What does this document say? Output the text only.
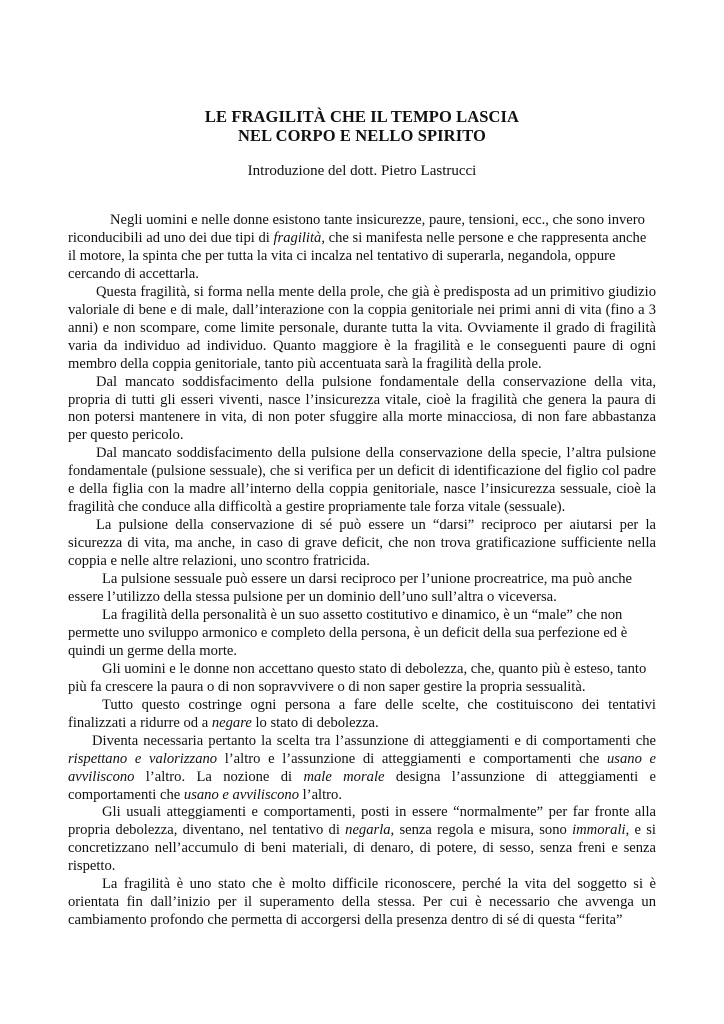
LE FRAGILITÀ CHE IL TEMPO LASCIA
NEL CORPO E NELLO SPIRITO
Introduzione del dott. Pietro Lastrucci

Negli uomini e nelle donne esistono tante insicurezze, paure, tensioni, ecc., che sono invero riconducibili ad uno dei due tipi di fragilità, che si manifesta nelle persone e che rappresenta anche il motore, la spinta che per tutta la vita ci incalza nel tentativo di superarla, negandola, oppure cercando di accettarla.

Questa fragilità, si forma nella mente della prole, che già è predisposta ad un primitivo giudizio valoriale di bene e di male, dall’interazione con la coppia genitoriale nei primi anni di vita (fino a 3 anni) e non scompare, come limite personale, durante tutta la vita. Ovviamente il grado di fragilità varia da individuo ad individuo. Quanto maggiore è la fragilità e le conseguenti paure di ogni membro della coppia genitoriale, tanto più accentuata sarà la fragilità della prole.

Dal mancato soddisfacimento della pulsione fondamentale della conservazione della vita, propria di tutti gli esseri viventi, nasce l’insicurezza vitale, cioè la fragilità che genera la paura di non potersi mantenere in vita, di non poter sfuggire alla morte minacciosa, di non fare abbastanza per questo pericolo.

Dal mancato soddisfacimento della pulsione della conservazione della specie, l’altra pulsione fondamentale (pulsione sessuale), che si verifica per un deficit di identificazione del figlio col padre e della figlia con la madre all’interno della coppia genitoriale, nasce l’insicurezza sessuale, cioè la fragilità che conduce alla difficoltà a gestire propriamente tale forza vitale (sessuale).

La pulsione della conservazione di sé può essere un “darsi” reciproco per aiutarsi per la sicurezza di vita, ma anche, in caso di grave deficit, che non trova gratificazione sufficiente nella coppia e nelle altre relazioni, uno scontro fratricida.

La pulsione sessuale può essere un darsi reciproco per l’unione procreatrice, ma può anche essere l’utilizzo della stessa pulsione per un dominio dell’uno sull’altra o viceversa.

La fragilità della personalità è un suo assetto costitutivo e dinamico, è un “male” che non permette uno sviluppo armonico e completo della persona, è un deficit della sua perfezione ed è quindi un germe della morte.

Gli uomini e le donne non accettano questo stato di debolezza, che, quanto più è esteso, tanto più fa crescere la paura o di non sopravvivere o di non saper gestire la propria sessualità.

Tutto questo costringe ogni persona a fare delle scelte, che costituiscono dei tentativi finalizzati a ridurre od a negare lo stato di debolezza.

Diventa necessaria pertanto la scelta tra l’assunzione di atteggiamenti e di comportamenti che rispettano e valorizzano l’altro e l’assunzione di atteggiamenti e comportamenti che usano e avviliscono l’altro. La nozione di male morale designa l’assunzione di atteggiamenti e comportamenti che usano e avviliscono l’altro.

Gli usuali atteggiamenti e comportamenti, posti in essere “normalmente” per far fronte alla propria debolezza, diventano, nel tentativo di negarla, senza regola e misura, sono immorali, e si concretizzano nell’accumulo di beni materiali, di denaro, di potere, di sesso, senza freni e senza rispetto.

La fragilità è uno stato che è molto difficile riconoscere, perché la vita del soggetto si è orientata fin dall’inizio per il superamento della stessa. Per cui è necessario che avvenga un cambiamento profondo che permetta di accorgersi della presenza dentro di sé di questa “ferita”
